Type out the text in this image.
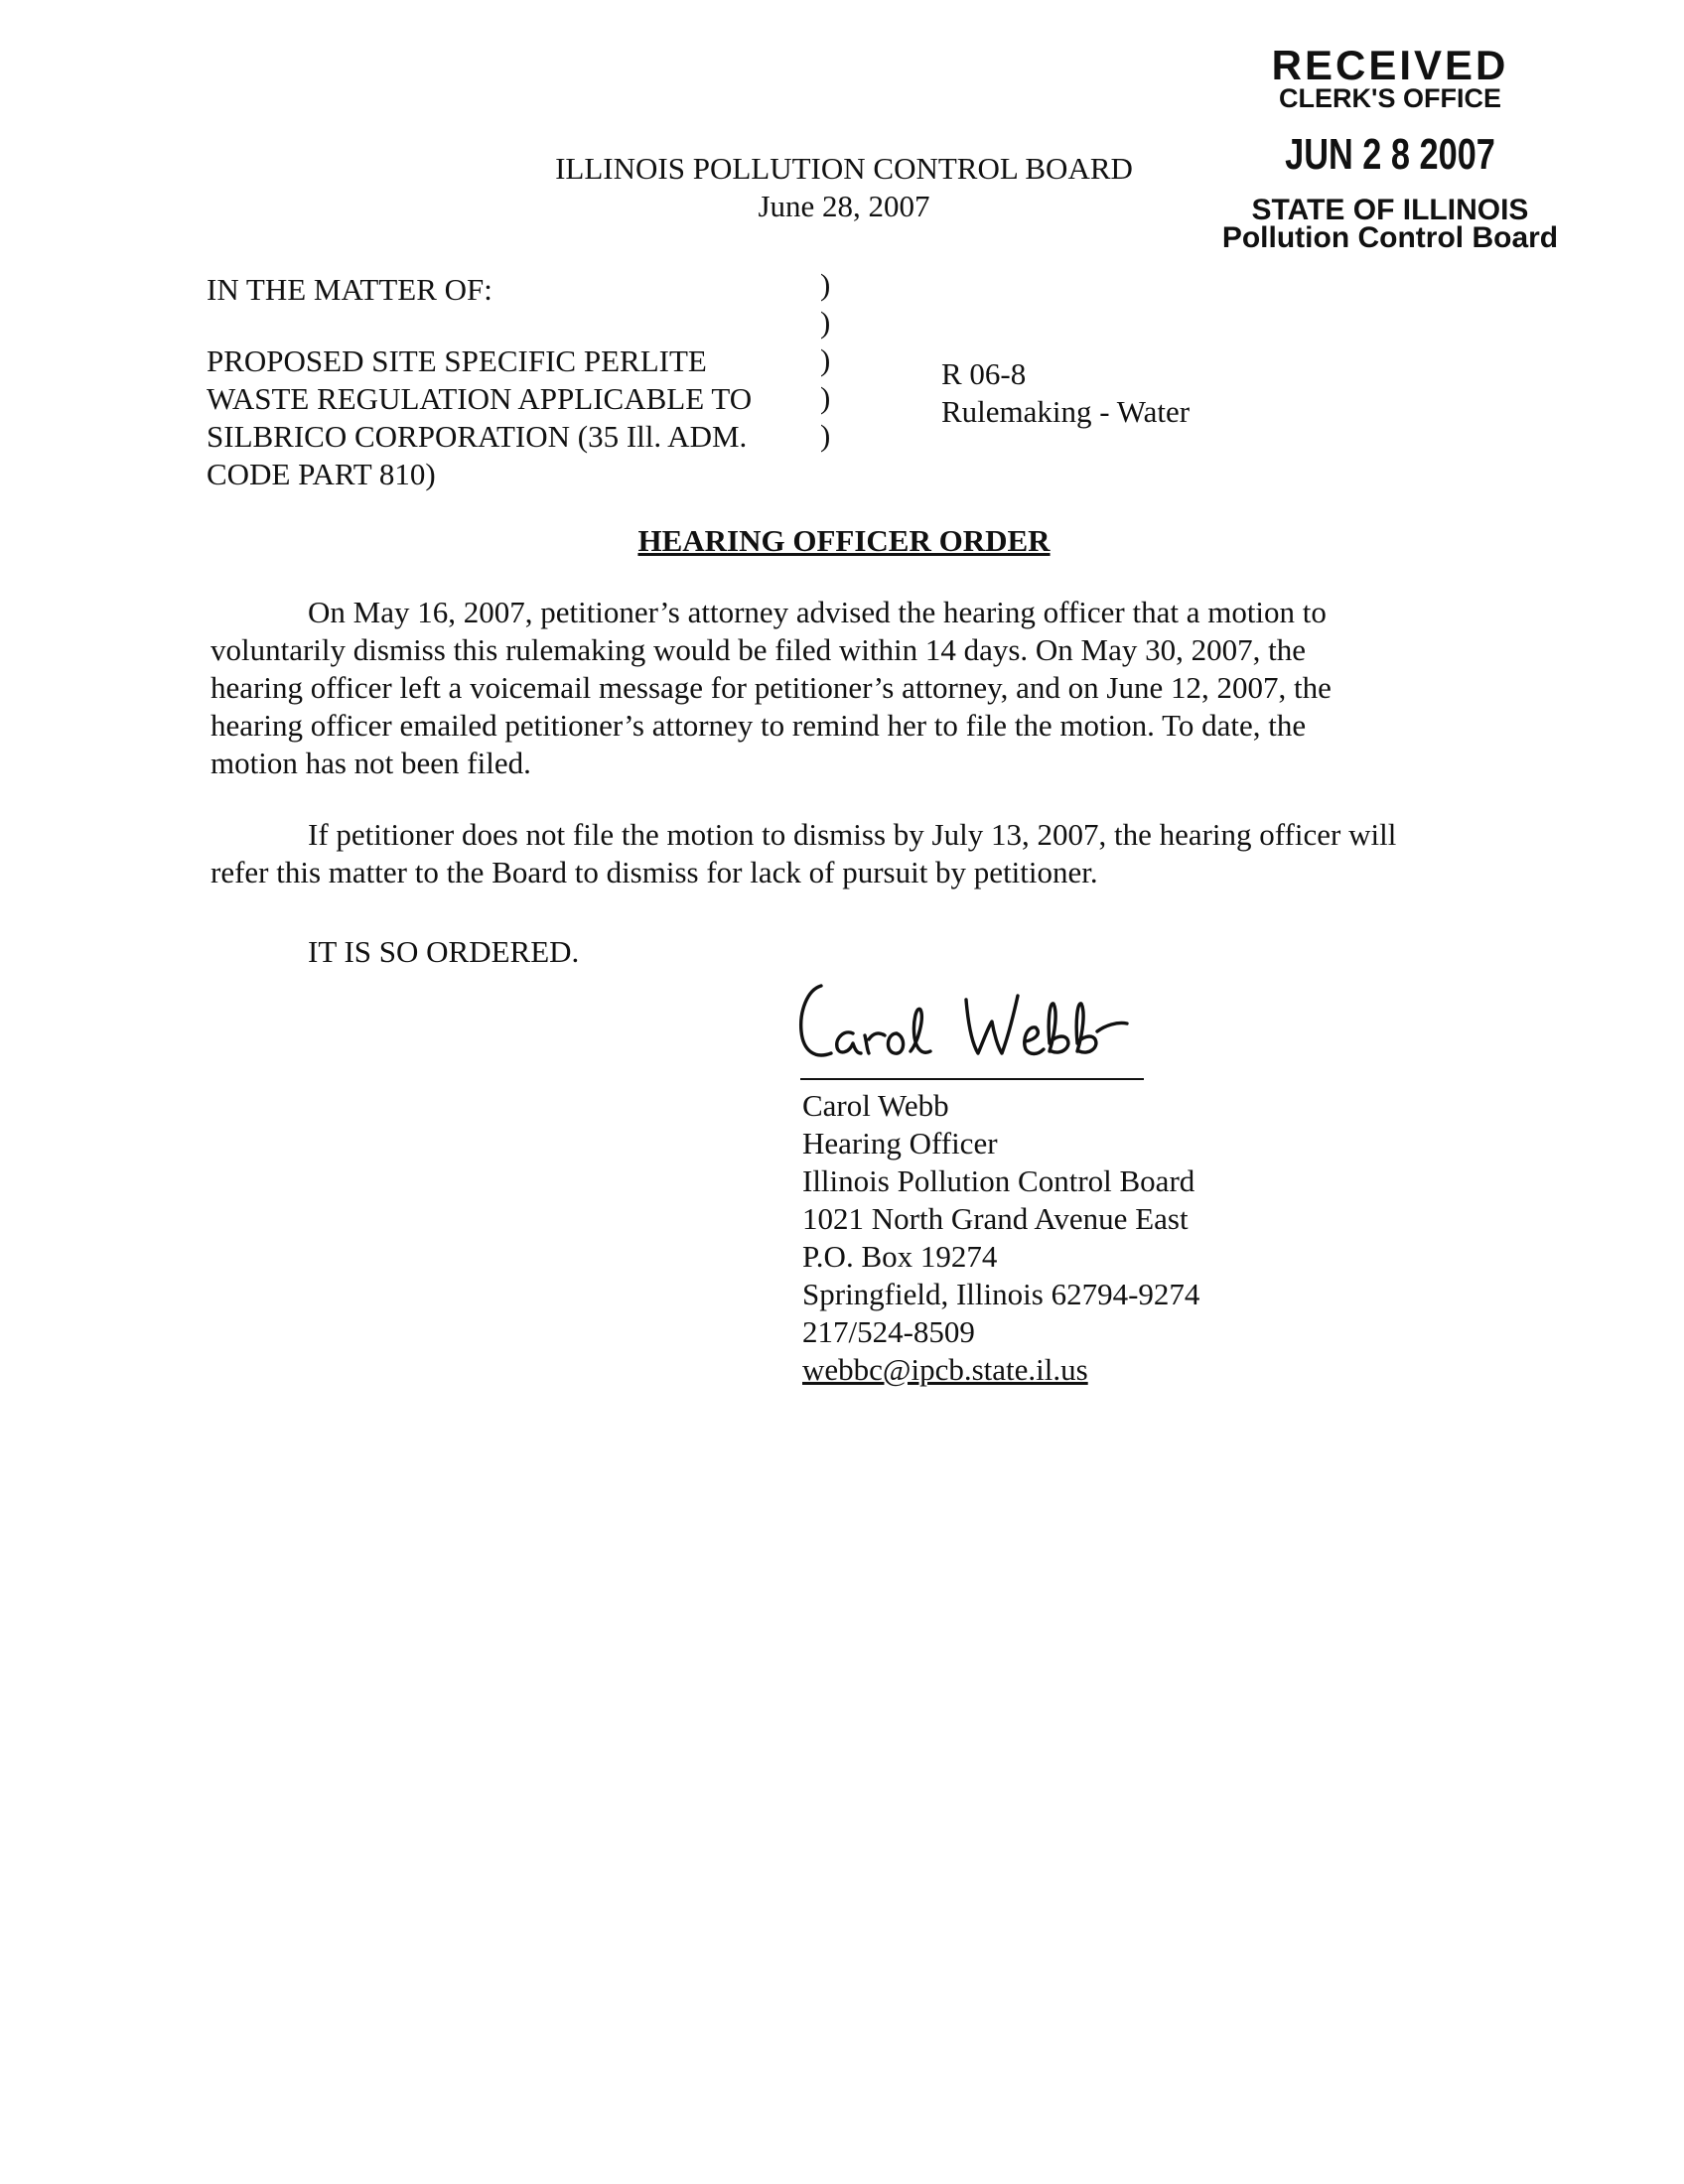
RECEIVED
CLERK'S OFFICE
JUN 2 8 2007
STATE OF ILLINOIS
Pollution Control Board
ILLINOIS POLLUTION CONTROL BOARD
June 28, 2007
IN THE MATTER OF:
PROPOSED SITE SPECIFIC PERLITE
WASTE REGULATION APPLICABLE TO
SILBRICO CORPORATION (35 Ill. ADM.
CODE PART 810)
)
)
)
)
)
R 06-8
Rulemaking - Water
HEARING OFFICER ORDER
On May 16, 2007, petitioner’s attorney advised the hearing officer that a motion to
voluntarily dismiss this rulemaking would be filed within 14 days. On May 30, 2007, the
hearing officer left a voicemail message for petitioner’s attorney, and on June 12, 2007, the
hearing officer emailed petitioner’s attorney to remind her to file the motion. To date, the
motion has not been filed.
If petitioner does not file the motion to dismiss by July 13, 2007, the hearing officer will
refer this matter to the Board to dismiss for lack of pursuit by petitioner.
IT IS SO ORDERED.
Carol Webb
Hearing Officer
Illinois Pollution Control Board
1021 North Grand Avenue East
P.O. Box 19274
Springfield, Illinois 62794-9274
217/524-8509
webbc@ipcb.state.il.us
